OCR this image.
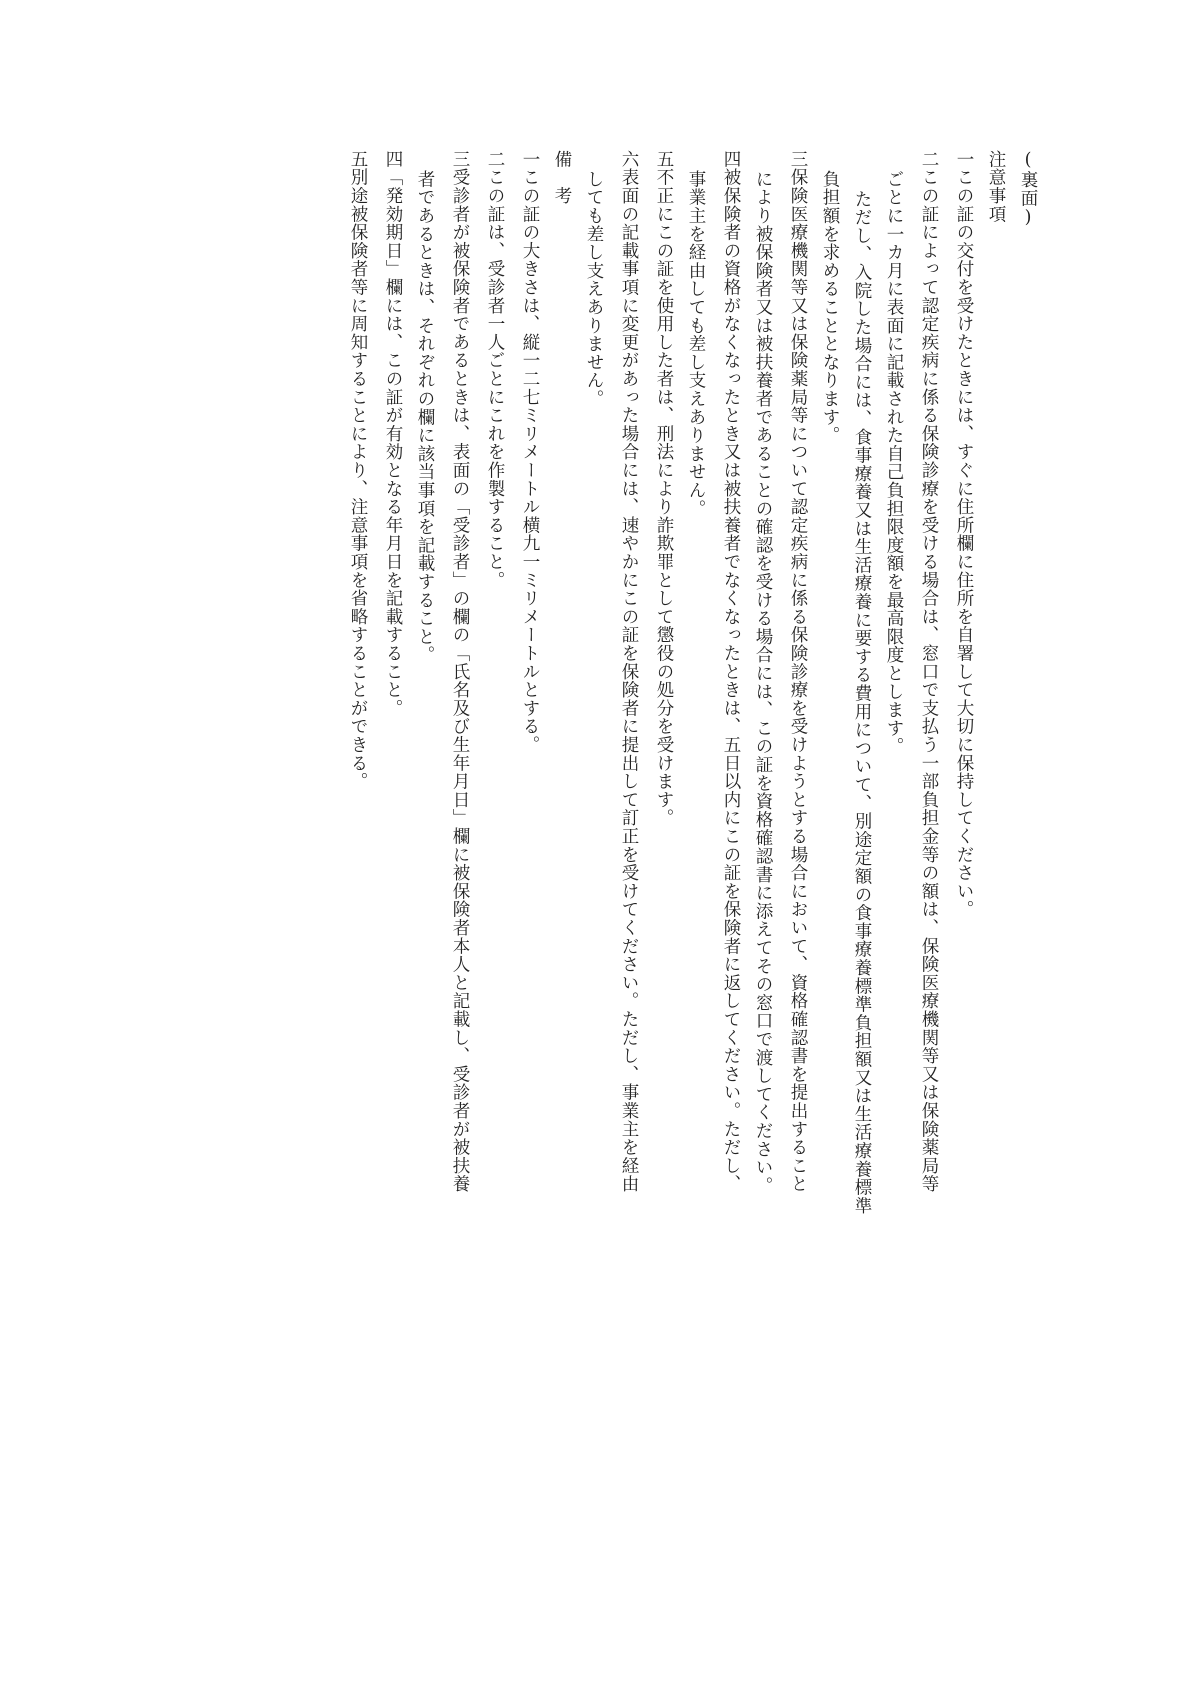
(裏面)
注意事項
一この証の交付を受けたときには、すぐに住所欄に住所を自署して大切に保持してください。
二この証によって認定疾病に係る保険診療を受ける場合は、窓口で支払う一部負担金等の額は、保険医療機関等又は保険薬局等
ごとに一カ月に表面に記載された自己負担限度額を最高限度とします。
ただし、入院した場合には、食事療養又は生活療養に要する費用について、別途定額の食事療養標準負担額又は生活療養標準
負担額を求めることとなります。
三保険医療機関等又は保険薬局等について認定疾病に係る保険診療を受けようとする場合において、資格確認書を提出すること
により被保険者又は被扶養者であることの確認を受ける場合には、この証を資格確認書に添えてその窓口で渡してください。
四被保険者の資格がなくなったとき又は被扶養者でなくなったときは、五日以内にこの証を保険者に返してください。ただし、
事業主を経由しても差し支えありません。
五不正にこの証を使用した者は、刑法により詐欺罪として懲役の処分を受けます。
六表面の記載事項に変更があった場合には、速やかにこの証を保険者に提出して訂正を受けてください。ただし、事業主を経由
しても差し支えありません。
備　考
一この証の大きさは、縦一二七ミリメートル横九一ミリメートルとする。
二この証は、受診者一人ごとにこれを作製すること。
三受診者が被保険者であるときは、表面の「受診者」の欄の「氏名及び生年月日」欄に被保険者本人と記載し、受診者が被扶養
者であるときは、それぞれの欄に該当事項を記載すること。
四「発効期日」欄には、この証が有効となる年月日を記載すること。
五別途被保険者等に周知することにより、注意事項を省略することができる。
